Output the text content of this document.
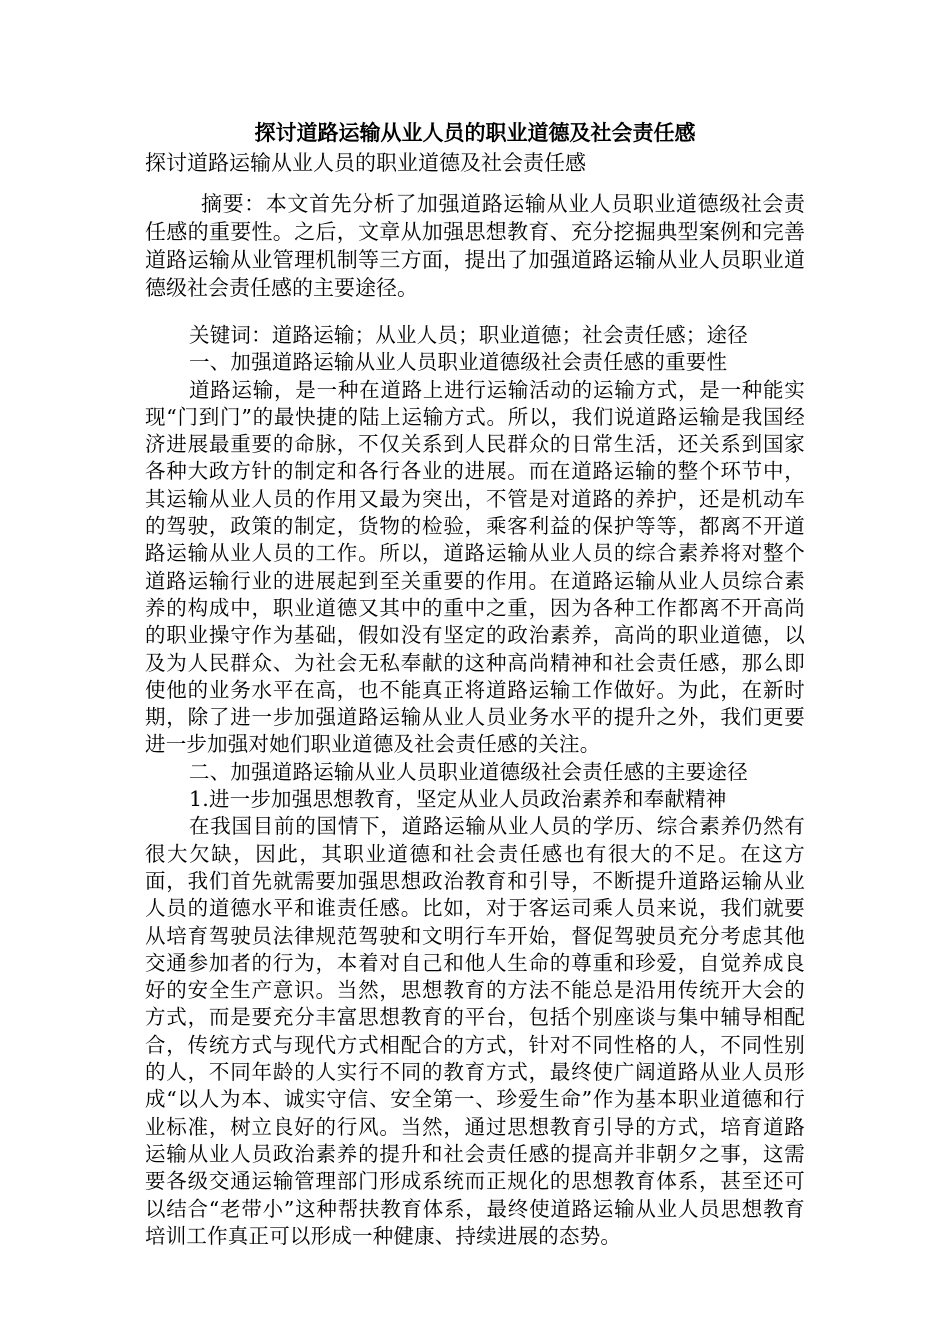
探讨道路运输从业人员的职业道德及社会责任感

探讨道路运输从业人员的职业道德及社会责任感

摘要：本文首先分析了加强道路运输从业人员职业道德级社会责任感的重要性。之后，文章从加强思想教育、充分挖掘典型案例和完善道路运输从业管理机制等三方面，提出了加强道路运输从业人员职业道德级社会责任感的主要途径。

关键词：道路运输；从业人员；职业道德；社会责任感；途径

一、加强道路运输从业人员职业道德级社会责任感的重要性

道路运输，是一种在道路上进行运输活动的运输方式，是一种能实现“门到门”的最快捷的陆上运输方式。所以，我们说道路运输是我国经济进展最重要的命脉，不仅关系到人民群众的日常生活，还关系到国家各种大政方针的制定和各行各业的进展。而在道路运输的整个环节中，其运输从业人员的作用又最为突出，不管是对道路的养护，还是机动车的驾驶，政策的制定，货物的检验，乘客利益的保护等等，都离不开道路运输从业人员的工作。所以，道路运输从业人员的综合素养将对整个道路运输行业的进展起到至关重要的作用。在道路运输从业人员综合素养的构成中，职业道德又其中的重中之重，因为各种工作都离不开高尚的职业操守作为基础，假如没有坚定的政治素养，高尚的职业道德，以及为人民群众、为社会无私奉献的这种高尚精神和社会责任感，那么即使他的业务水平在高，也不能真正将道路运输工作做好。为此，在新时期，除了进一步加强道路运输从业人员业务水平的提升之外，我们更要进一步加强对她们职业道德及社会责任感的关注。

二、加强道路运输从业人员职业道德级社会责任感的主要途径

1.进一步加强思想教育，坚定从业人员政治素养和奉献精神

在我国目前的国情下，道路运输从业人员的学历、综合素养仍然有很大欠缺，因此，其职业道德和社会责任感也有很大的不足。在这方面，我们首先就需要加强思想政治教育和引导，不断提升道路运输从业人员的道德水平和谁责任感。比如，对于客运司乘人员来说，我们就要从培育驾驶员法律规范驾驶和文明行车开始，督促驾驶员充分考虑其他交通参加者的行为，本着对自己和他人生命的尊重和珍爱，自觉养成良好的安全生产意识。当然，思想教育的方法不能总是沿用传统开大会的方式，而是要充分丰富思想教育的平台，包括个别座谈与集中辅导相配合，传统方式与现代方式相配合的方式，针对不同性格的人，不同性别的人，不同年龄的人实行不同的教育方式，最终使广阔道路从业人员形成“以人为本、诚实守信、安全第一、珍爱生命”作为基本职业道德和行业标准，树立良好的行风。当然，通过思想教育引导的方式，培育道路运输从业人员政治素养的提升和社会责任感的提高并非朝夕之事，这需要各级交通运输管理部门形成系统而正规化的思想教育体系，甚至还可以结合“老带小”这种帮扶教育体系，最终使道路运输从业人员思想教育培训工作真正可以形成一种健康、持续进展的态势。
